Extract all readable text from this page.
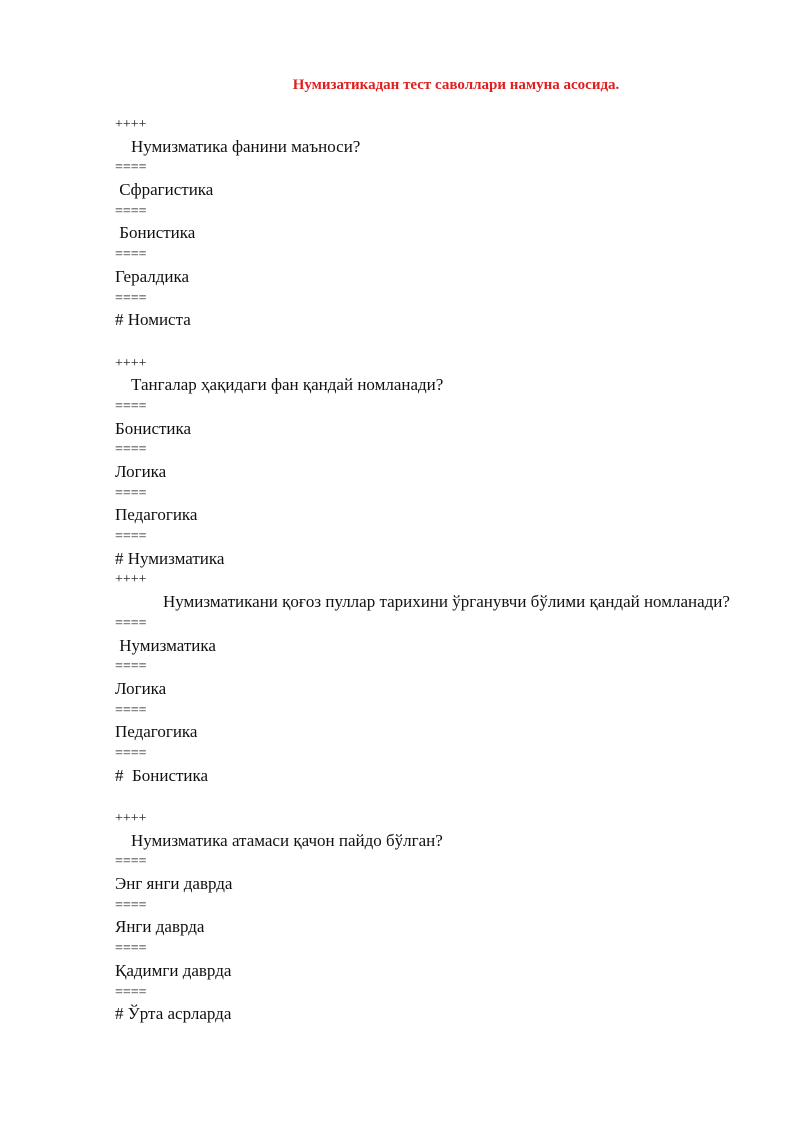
Нумизатикадан тест саволлари намуна асосида.
++++
Нумизматика фанини маъноси?
====
Сфрагистика
====
Бонистика
====
Гералдика
====
# Номиста
++++
Тангалар ҳақидаги фан қандай номланади?
====
Бонистика
====
Логика
====
Педагогика
====
# Нумизматика
++++
Нумизматикани қоғоз пуллар тарихини ўрганувчи бўлими қандай номланади?
====
Нумизматика
====
Логика
====
Педагогика
====
#  Бонистика
++++
Нумизматика атамаси қачон пайдо бўлган?
====
Энг янги даврда
====
Янги даврда
====
Қадимги даврда
====
# Ўрта асрларда
